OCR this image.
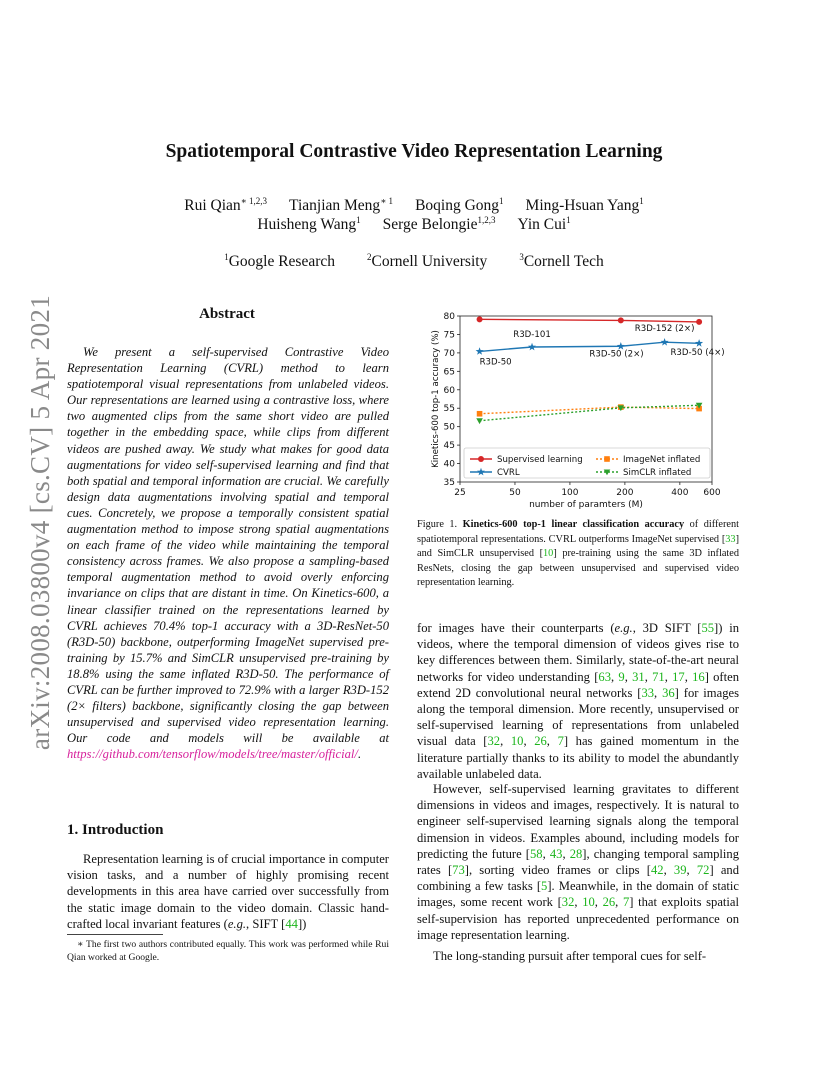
arXiv:2008.03800v4 [cs.CV] 5 Apr 2021
Spatiotemporal Contrastive Video Representation Learning
Rui Qian$^{∗ 1,2,3}$ Tianjian Meng$^{∗ 1}$ Boqing Gong$^1$ Ming-Hsuan Yang$^1$
Huisheng Wang$^1$ Serge Belongie$^{1,2,3}$ Yin Cui$^1$
$^1$Google Research	$^2$Cornell University	$^3$Cornell Tech
Abstract

We present a self-supervised Contrastive Video Representation Learning (CVRL) method to learn spatiotemporal visual representations from unlabeled videos. Our representations are learned using a contrastive loss, where two augmented clips from the same short video are pulled together in the embedding space, while clips from different videos are pushed away. We study what makes for good data augmentations for video self-supervised learning and find that both spatial and temporal information are crucial. We carefully design data augmentations involving spatial and temporal cues. Concretely, we propose a temporally consistent spatial augmentation method to impose strong spatial augmentations on each frame of the video while maintaining the temporal consistency across frames. We also propose a sampling-based temporal augmentation method to avoid overly enforcing invariance on clips that are distant in time. On Kinetics-600, a linear classifier trained on the representations learned by CVRL achieves 70.4% top-1 accuracy with a 3D-ResNet-50 (R3D-50) backbone, outperforming ImageNet supervised pre-training by 15.7% and SimCLR unsupervised pre-training by 18.8% using the same inflated R3D-50. The performance of CVRL can be further improved to 72.9% with a larger R3D-152 (2× filters) backbone, significantly closing the gap between unsupervised and supervised video representation learning. Our code and models will be available at https://github.com/tensorflow/models/tree/master/official/.

1. Introduction

Representation learning is of crucial importance in computer vision tasks, and a number of highly promising recent developments in this area have carried over successfully from the static image domain to the video domain. Classic hand-crafted local invariant features (e.g., SIFT [44])

∗ The first two authors contributed equally. This work was performed while Rui Qian worked at Google.

35
40
45
50
55
60
65
70
75
80
25	50	100	200	400 600
number of paramters (M)
Kinetics-600 top-1 accuracy (%)	R3D-50
R3D-101
R3D-50 (2×)
R3D-152 (2×)
R3D-50 (4×)
Supervised learning
CVRL
ImageNet inflated
SimCLR inflated

Figure 1. Kinetics-600 top-1 linear classification accuracy of different spatiotemporal representations. CVRL outperforms ImageNet supervised [33] and SimCLR unsupervised [10] pre-training using the same 3D inflated ResNets, closing the gap between unsupervised and supervised video representation learning.

for images have their counterparts (e.g., 3D SIFT [55]) in videos, where the temporal dimension of videos gives rise to key differences between them. Similarly, state-of-the-art neural networks for video understanding [63, 9, 31, 71, 17, 16] often extend 2D convolutional neural networks [33, 36] for images along the temporal dimension. More recently, unsupervised or self-supervised learning of representations from unlabeled visual data [32, 10, 26, 7] has gained momentum in the literature partially thanks to its ability to model the abundantly available unlabeled data.

However, self-supervised learning gravitates to different dimensions in videos and images, respectively. It is natural to engineer self-supervised learning signals along the temporal dimension in videos. Examples abound, including models for predicting the future [58, 43, 28], changing temporal sampling rates [73], sorting video frames or clips [42, 39, 72] and combining a few tasks [5]. Meanwhile, in the domain of static images, some recent work [32, 10, 26, 7] that exploits spatial self-supervision has reported unprecedented performance on image representation learning.

The long-standing pursuit after temporal cues for self-
